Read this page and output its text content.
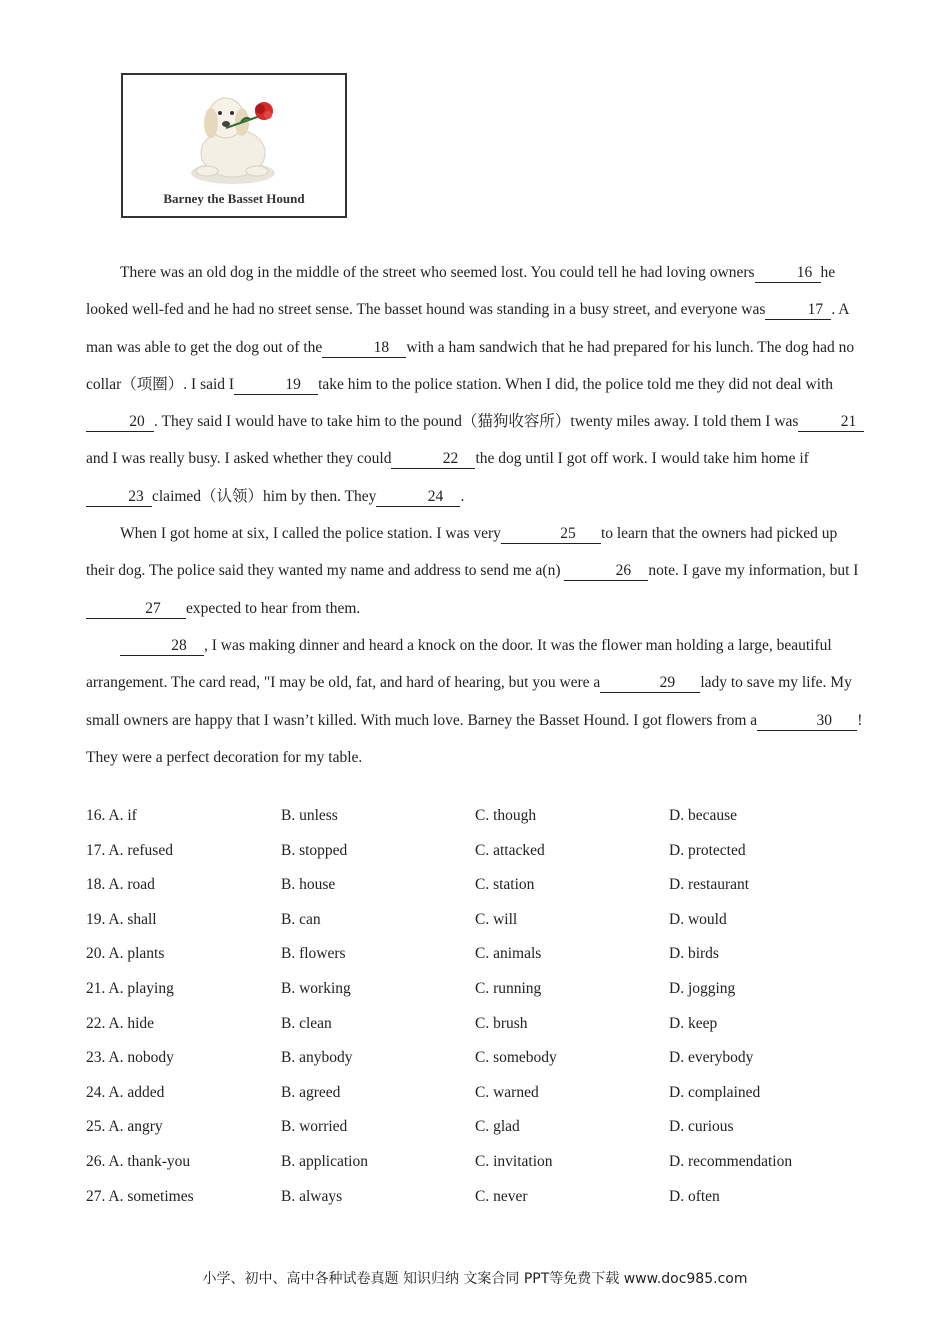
Barney the Basset Hound

There was an old dog in the middle of the street who seemed lost. You could tell he had loving owners	16 he looked well-fed and he had no street sense. The basset hound was standing in a busy street, and everyone was	17 . A man was able to get the dog out of the	18 with a ham sandwich that he had prepared for his lunch. The dog had no collar（项圈）. I said I	19 take him to the police station. When I did, the police told me they did not deal with 20 . They said I would have to take him to the pound（猫狗收容所）twenty miles away. I told them I was	21and I was really busy. I asked whether they could	22 the dog until I got off work. I would take him home if 23 claimed（认领）him by then. They	24 .

When I got home at six, I called the police station. I was very	25 to learn that the owners had picked up their dog. The police said they wanted my name and address to send me a(n)	26 note. I gave my information, but I27 expected to hear from them.

28 , I was making dinner and heard a knock on the door. It was the flower man holding a large, beautiful arrangement. The card read, "I may be old, fat, and hard of hearing, but you were a	29 lady to save my life. My small owners are happy that I wasn’t killed. With much love. Barney the Basset Hound. I got flowers from a	30 ! They were a perfect decoration for my table.

16. A. if	B. unless	C. though	D. because
17. A. refused	B. stopped	C. attacked	D. protected
18. A. road	B. house	C. station	D. restaurant
19. A. shall	B. can	C. will	D. would
20. A. plants	B. flowers	C. animals	D. birds
21. A. playing	B. working	C. running	D. jogging
22. A. hide	B. clean	C. brush	D. keep
23. A. nobody	B. anybody	C. somebody	D. everybody
24. A. added	B. agreed	C. warned	D. complained
25. A. angry	B. worried	C. glad	D. curious
26. A. thank-you	B. application	C. invitation	D. recommendation
27. A. sometimes	B. always	C. never	D. often
小学、初中、高中各种试卷真题 知识归纳 文案合同 PPT等免费下载 www.doc985.com
